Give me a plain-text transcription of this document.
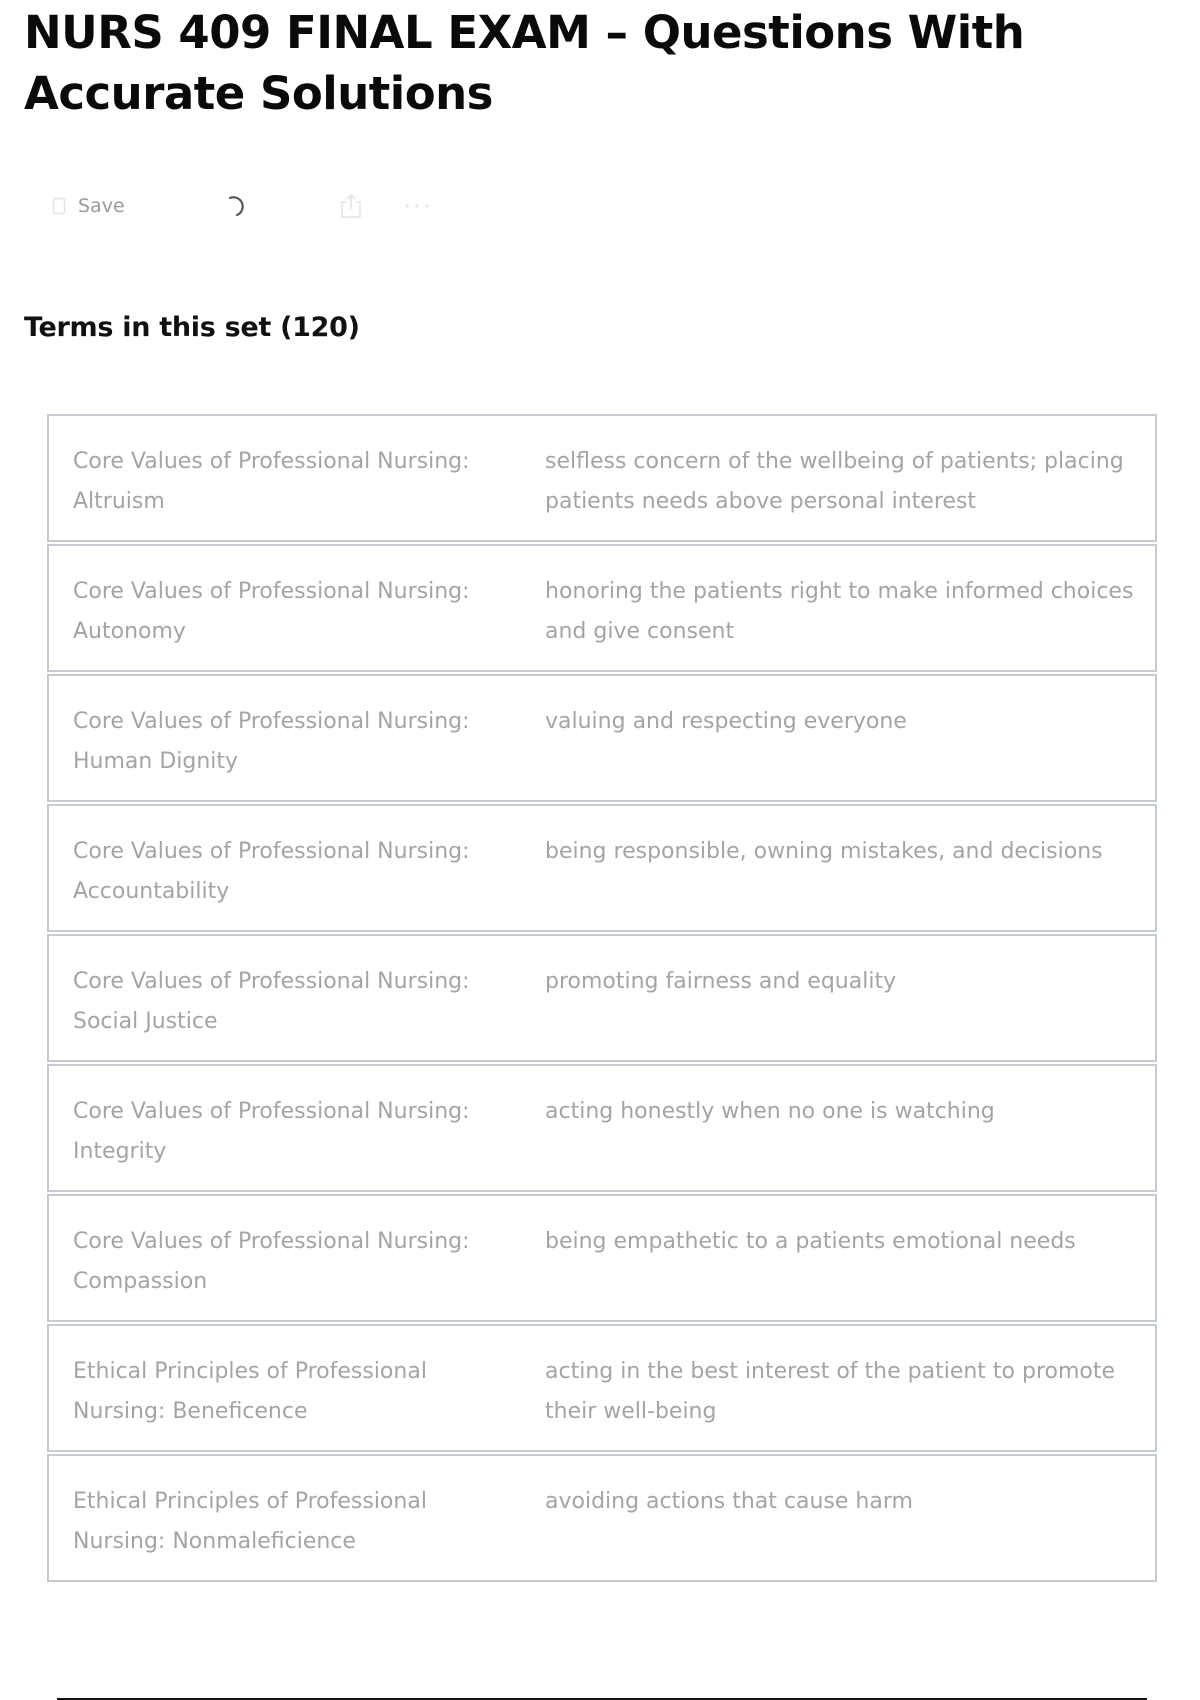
NURS 409 FINAL EXAM – Questions With Accurate Solutions
Save
Terms in this set (120)
Core Values of Professional Nursing: Altruism
selfless concern of the wellbeing of patients; placing patients needs above personal interest
Core Values of Professional Nursing: Autonomy
honoring the patients right to make informed choices and give consent
Core Values of Professional Nursing: Human Dignity
valuing and respecting everyone
Core Values of Professional Nursing: Accountability
being responsible, owning mistakes, and decisions
Core Values of Professional Nursing: Social Justice
promoting fairness and equality
Core Values of Professional Nursing: Integrity
acting honestly when no one is watching
Core Values of Professional Nursing: Compassion
being empathetic to a patients emotional needs
Ethical Principles of Professional Nursing: Beneficence
acting in the best interest of the patient to promote their well-being
Ethical Principles of Professional Nursing: Nonmaleficience
avoiding actions that cause harm
